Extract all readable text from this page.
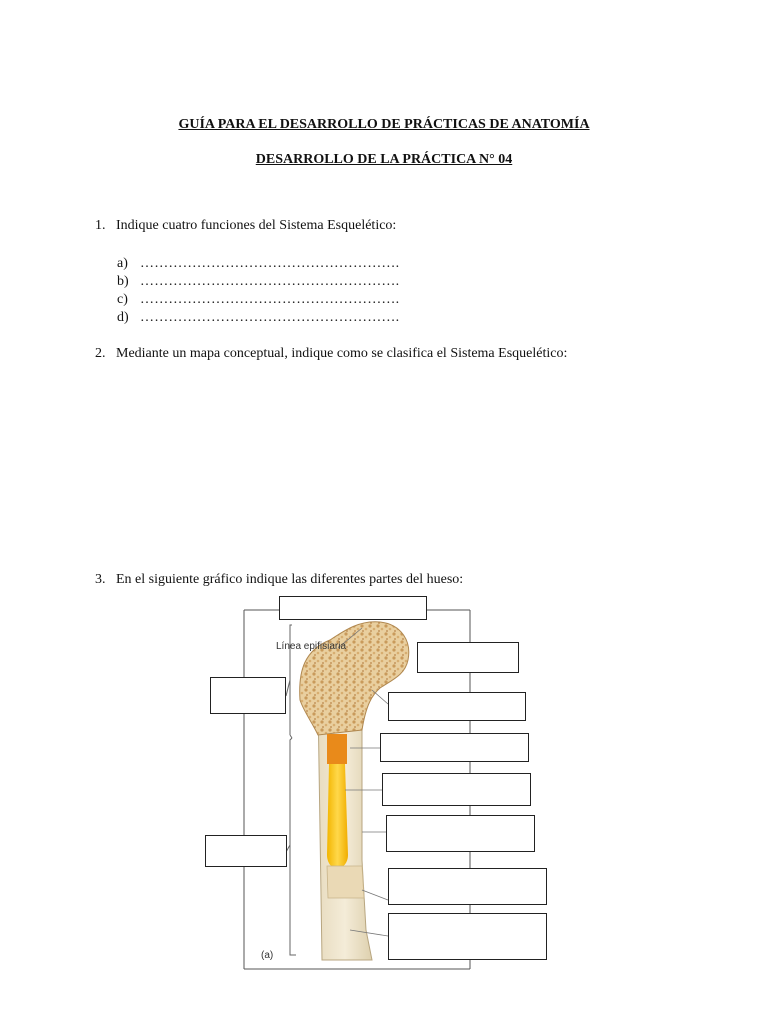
GUÍA PARA EL DESARROLLO DE PRÁCTICAS DE ANATOMÍA
DESARROLLO DE LA PRÁCTICA N° 04
1. Indique cuatro funciones del Sistema Esquelético:
a) ……………………………………………….
b) ……………………………………………….
c) ……………………………………………….
d) ……………………………………………….
2. Mediante un mapa conceptual, indique como se clasifica el Sistema Esquelético:
3. En el siguiente gráfico indique las diferentes partes del hueso:
Línea epifisiaria
(a)
